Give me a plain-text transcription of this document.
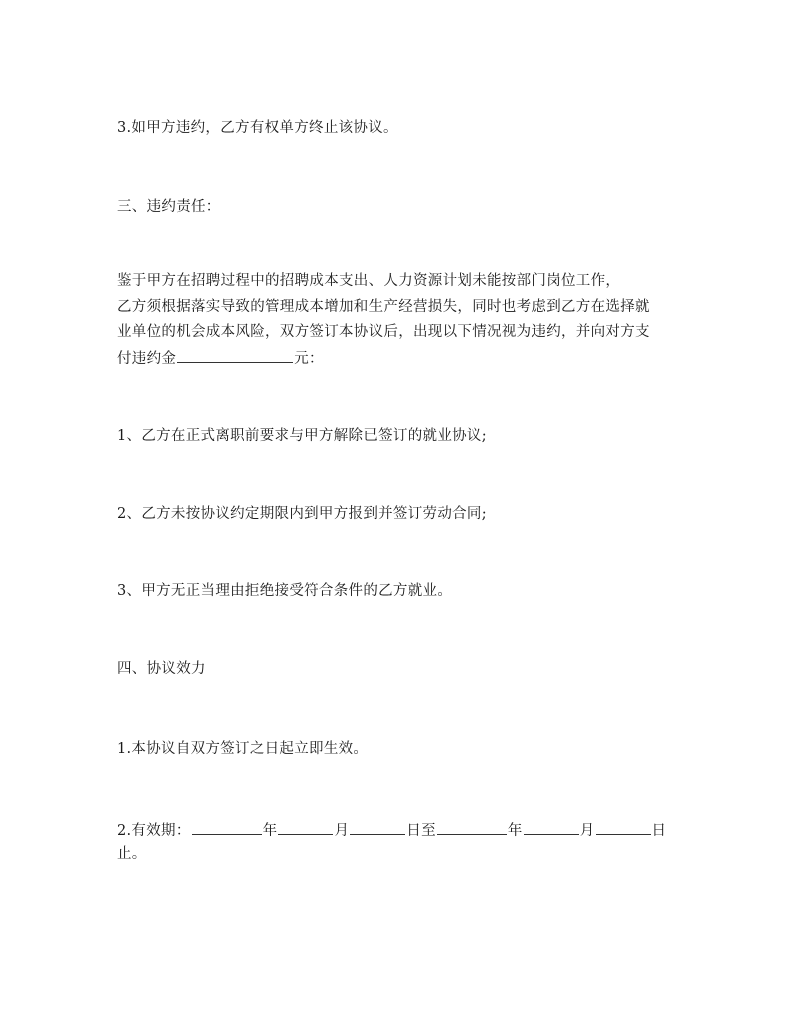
3.如甲方违约，乙方有权单方终止该协议。
三、违约责任：
鉴于甲方在招聘过程中的招聘成本支出、人力资源计划未能按部门岗位工作，
乙方须根据落实导致的管理成本增加和生产经营损失，同时也考虑到乙方在选择就
业单位的机会成本风险，双方签订本协议后，出现以下情况视为违约，并向对方支
付违约金	元：
1、乙方在正式离职前要求与甲方解除已签订的就业协议;
2、乙方未按协议约定期限内到甲方报到并签订劳动合同;
3、甲方无正当理由拒绝接受符合条件的乙方就业。
四、协议效力
1.本协议自双方签订之日起立即生效。
2.有效期：	年	月	日至	年	月	日
止。
